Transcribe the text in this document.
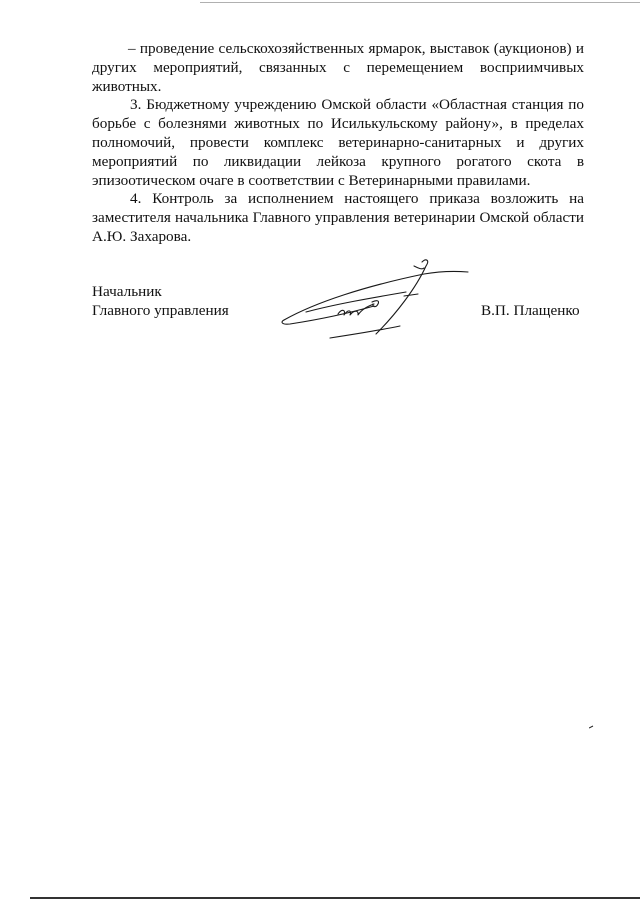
– проведение сельскохозяйственных ярмарок, выставок (аукционов) и других мероприятий, связанных с перемещением восприимчивых животных.

3. Бюджетному учреждению Омской области «Областная станция по борьбе с болезнями животных по Исилькульскому району», в пределах полномочий, провести комплекс ветеринарно-санитарных и других мероприятий по ликвидации лейкоза крупного рогатого скота в эпизоотическом очаге в соответствии с Ветеринарными правилами.

4. Контроль за исполнением настоящего приказа возложить на заместителя начальника Главного управления ветеринарии Омской области А.Ю. Захарова.

Начальник
Главного управления	В.П. Плащенко
